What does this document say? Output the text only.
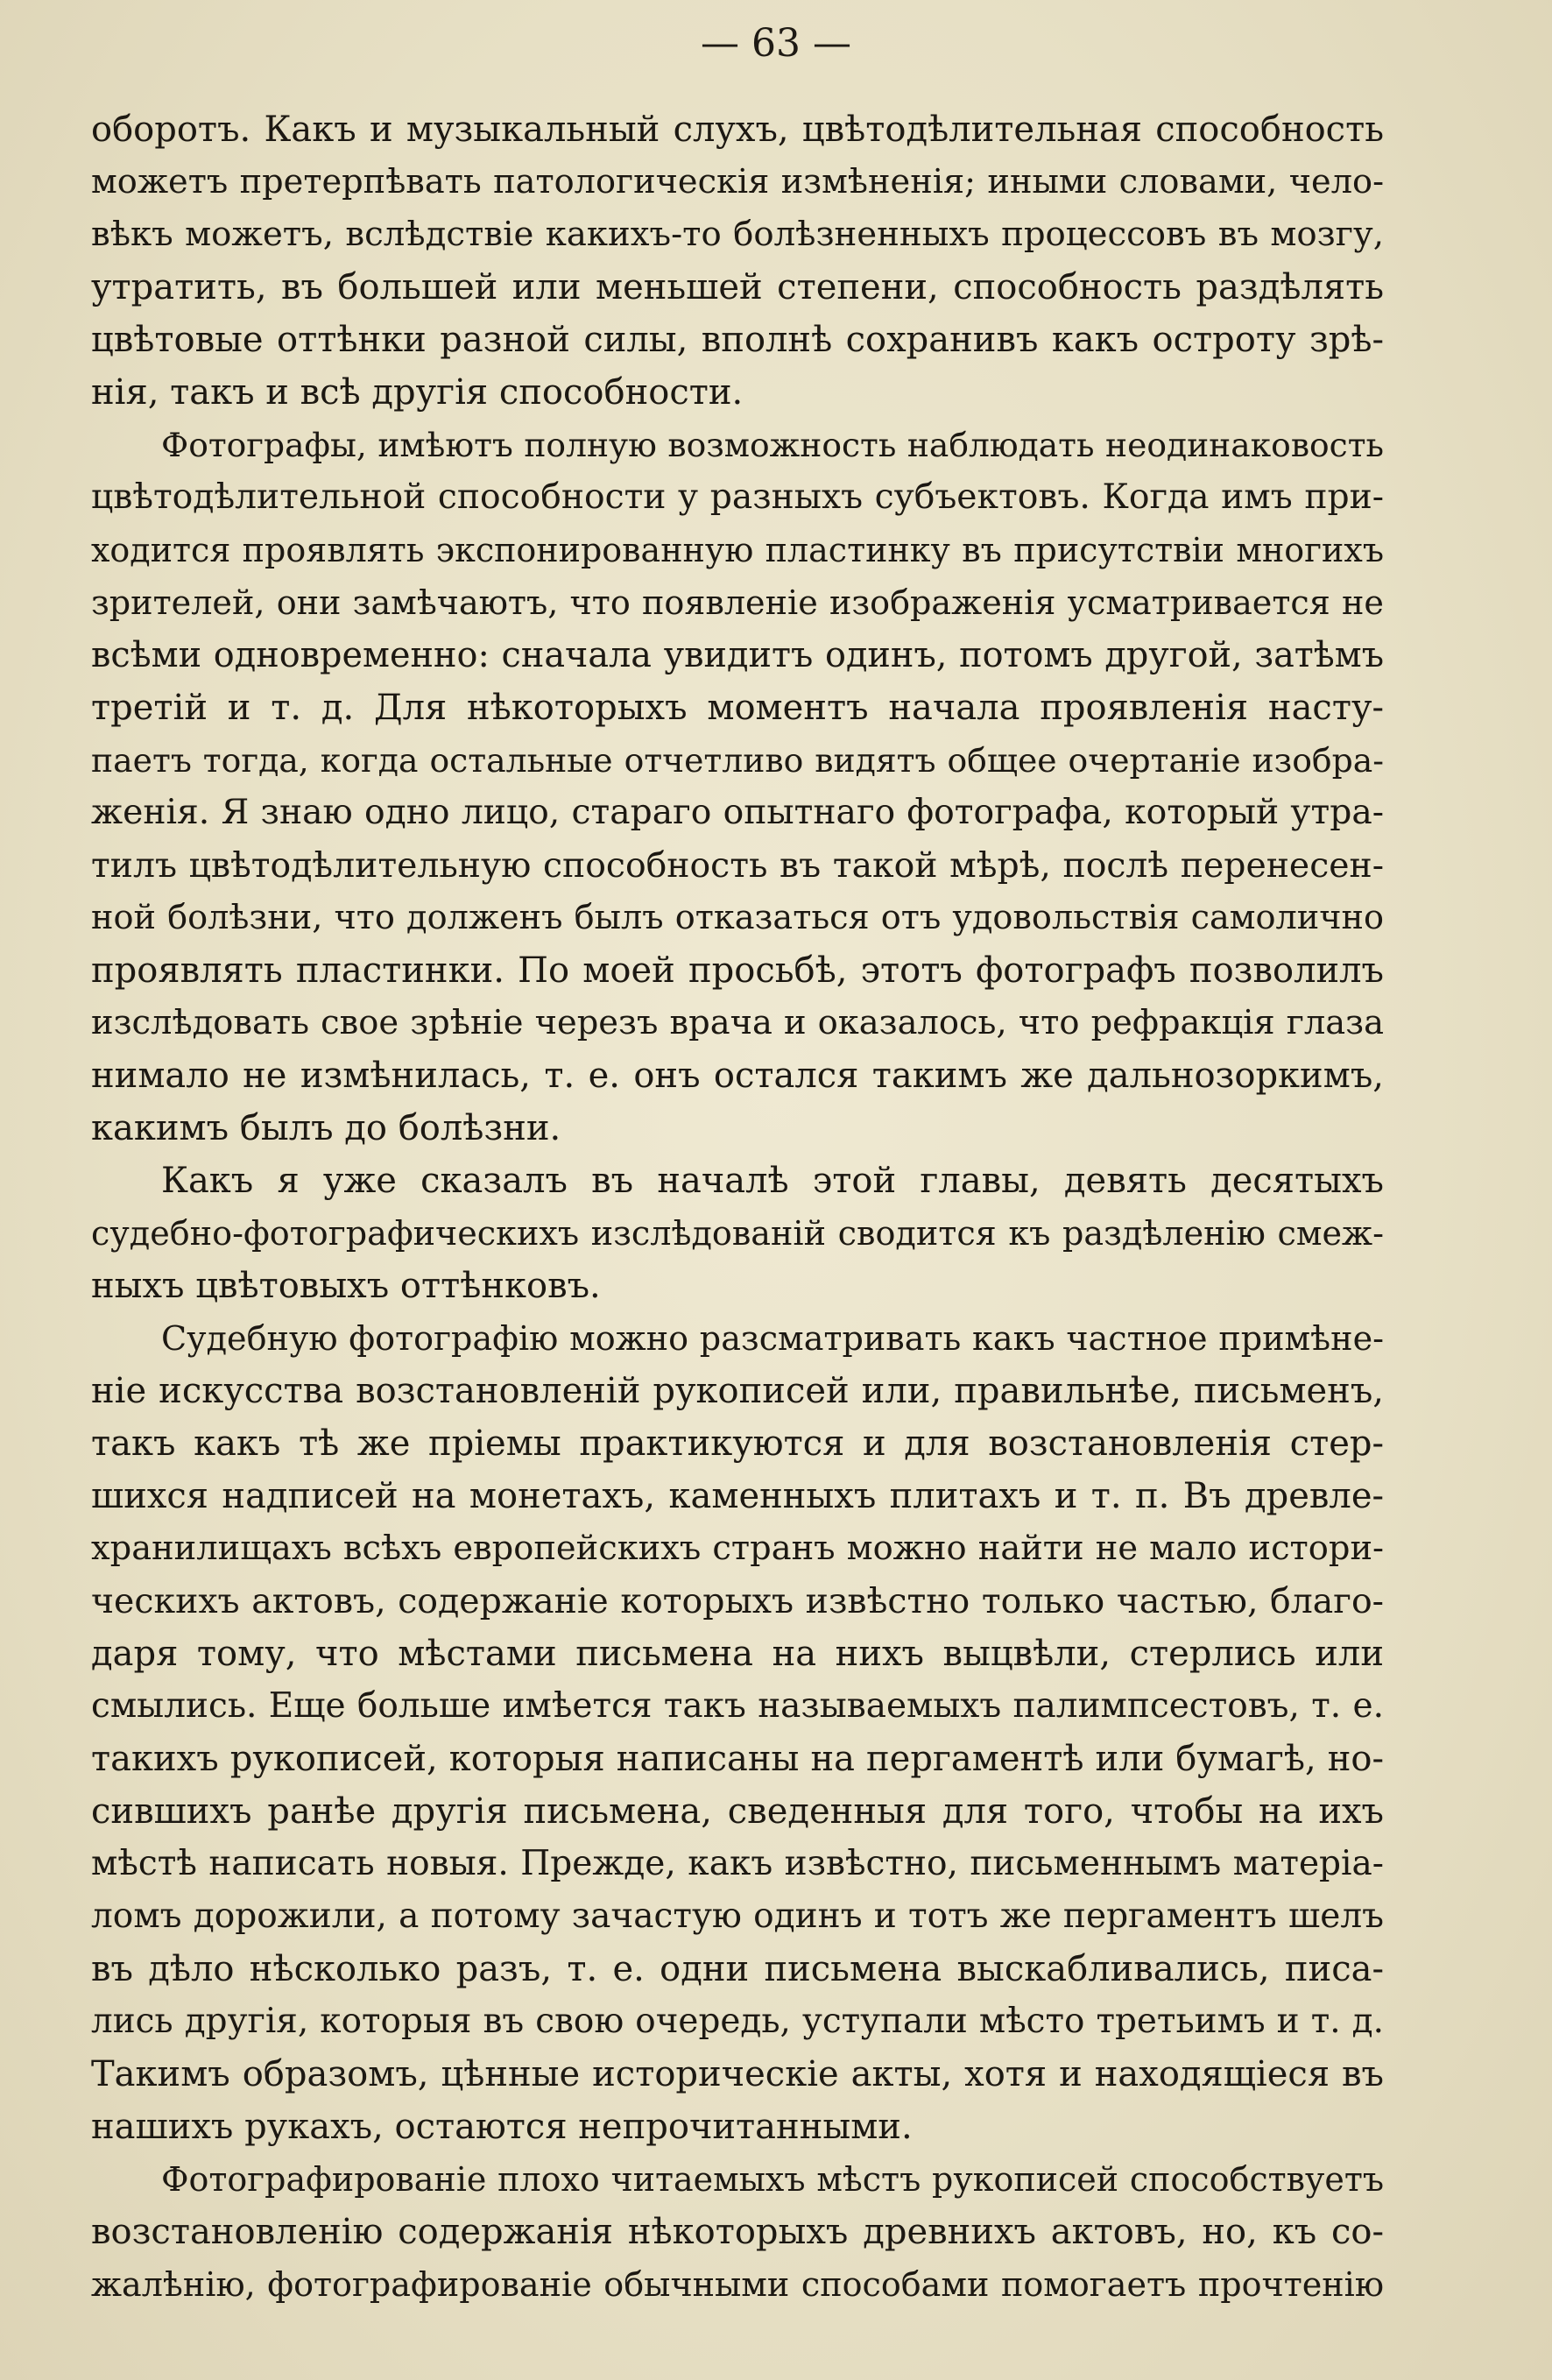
— 63 —
оборотъ. Какъ и музыкальный слухъ, цвѣтодѣлительная способность
можетъ претерпѣвать патологическія измѣненія; иными словами, чело-
вѣкъ можетъ, вслѣдствіе какихъ-то болѣзненныхъ процессовъ въ мозгу,
утратить, въ большей или меньшей степени, способность раздѣлять
цвѣтовые оттѣнки разной силы, вполнѣ сохранивъ какъ остроту зрѣ-
нія, такъ и всѣ другія способности.
Фотографы, имѣютъ полную возможность наблюдать неодинаковость
цвѣтодѣлительной способности у разныхъ субъектовъ. Когда имъ при-
ходится проявлять экспонированную пластинку въ присутствіи многихъ
зрителей, они замѣчаютъ, что появленіе изображенія усматривается не
всѣми одновременно: сначала увидитъ одинъ, потомъ другой, затѣмъ
третій и т. д. Для нѣкоторыхъ моментъ начала проявленія насту-
паетъ тогда, когда остальные отчетливо видятъ общее очертаніе изобра-
женія. Я знаю одно лицо, стараго опытнаго фотографа, который утра-
тилъ цвѣтодѣлительную способность въ такой мѣрѣ, послѣ перенесен-
ной болѣзни, что долженъ былъ отказаться отъ удовольствія самолично
проявлять пластинки. По моей просьбѣ, этотъ фотографъ позволилъ
изслѣдовать свое зрѣніе черезъ врача и оказалось, что рефракція глаза
нимало не измѣнилась, т. е. онъ остался такимъ же дальнозоркимъ,
какимъ былъ до болѣзни.
Какъ я уже сказалъ въ началѣ этой главы, девять десятыхъ
судебно-фотографическихъ изслѣдованій сводится къ раздѣленію смеж-
ныхъ цвѣтовыхъ оттѣнковъ.
Судебную фотографію можно разсматривать какъ частное примѣне-
ніе искусства возстановленій рукописей или, правильнѣе, письменъ,
такъ какъ тѣ же пріемы практикуются и для возстановленія стер-
шихся надписей на монетахъ, каменныхъ плитахъ и т. п. Въ древле-
хранилищахъ всѣхъ европейскихъ странъ можно найти не мало истори-
ческихъ актовъ, содержаніе которыхъ извѣстно только частью, благо-
даря тому, что мѣстами письмена на нихъ выцвѣли, стерлись или
смылись. Еще больше имѣется такъ называемыхъ палимпсестовъ, т. е.
такихъ рукописей, которыя написаны на пергаментѣ или бумагѣ, но-
сившихъ ранѣе другія письмена, сведенныя для того, чтобы на ихъ
мѣстѣ написать новыя. Прежде, какъ извѣстно, письменнымъ матеріа-
ломъ дорожили, а потому зачастую одинъ и тотъ же пергаментъ шелъ
въ дѣло нѣсколько разъ, т. е. одни письмена выскабливались, писа-
лись другія, которыя въ свою очередь, уступали мѣсто третьимъ и т. д.
Такимъ образомъ, цѣнные историческіе акты, хотя и находящіеся въ
нашихъ рукахъ, остаются непрочитанными.
Фотографированіе плохо читаемыхъ мѣстъ рукописей способствуетъ
возстановленію содержанія нѣкоторыхъ древнихъ актовъ, но, къ со-
жалѣнію, фотографированіе обычными способами помогаетъ прочтенію
